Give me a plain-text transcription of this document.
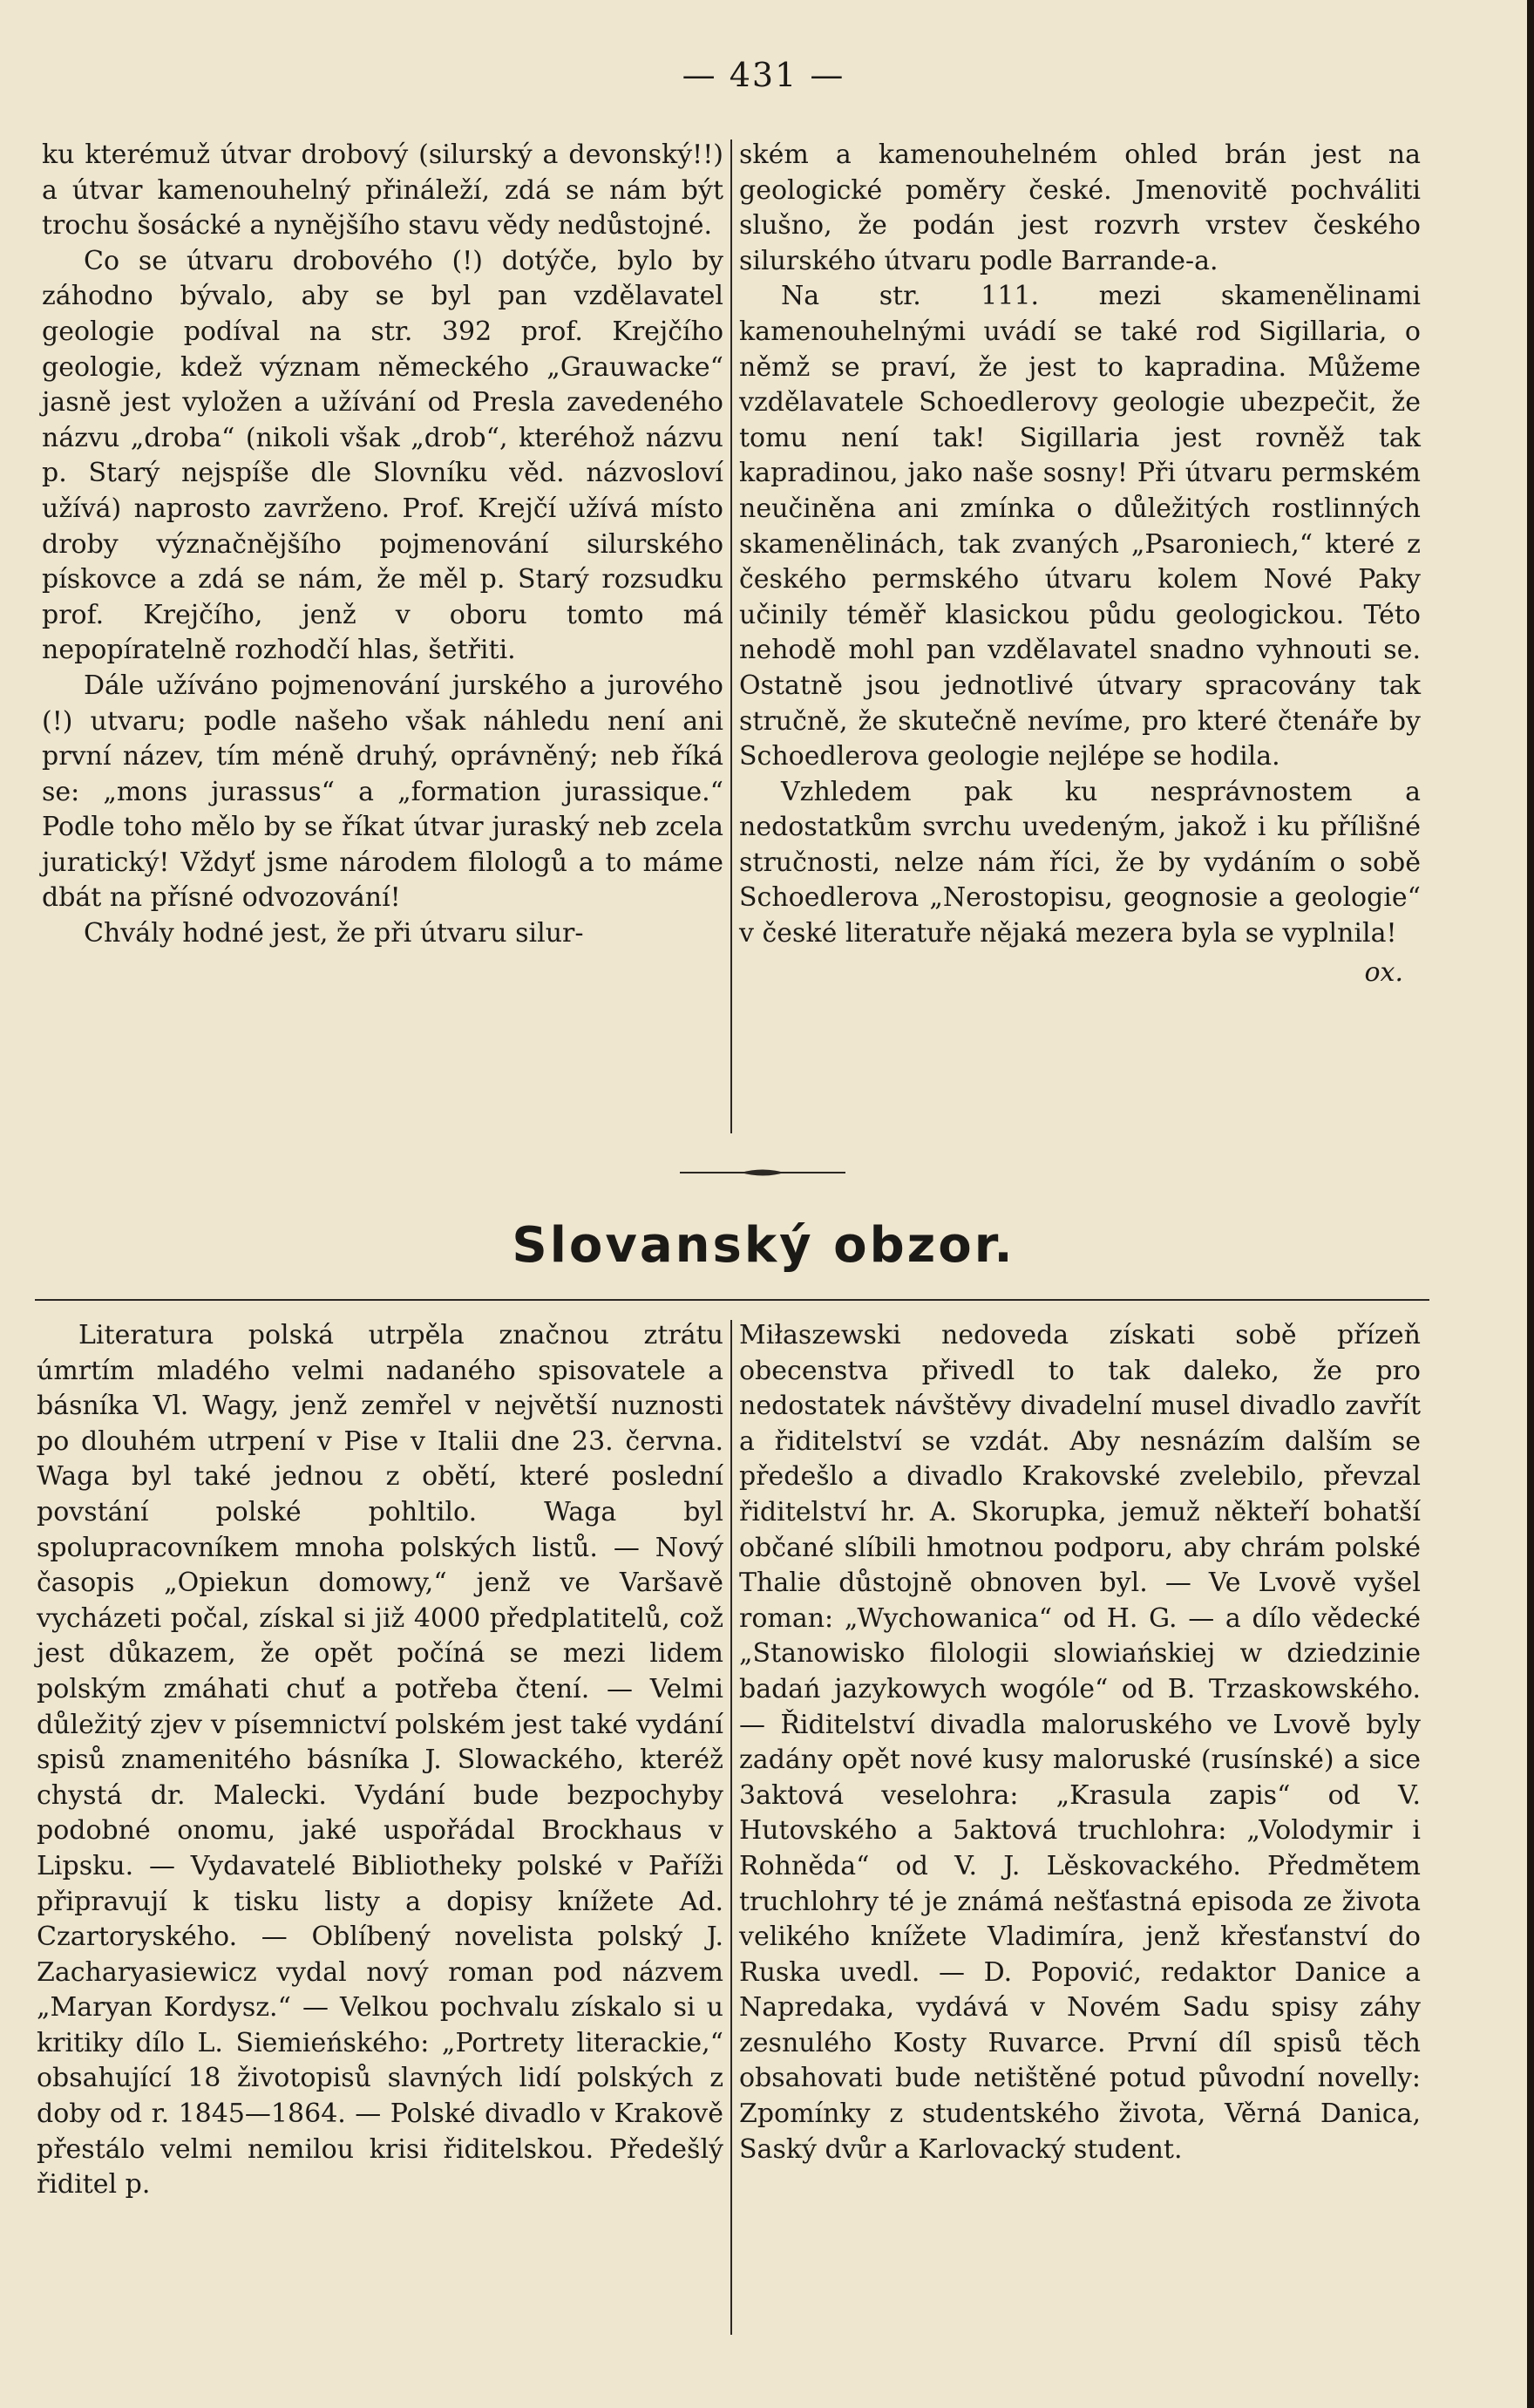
— 431 —

ku kterémuž útvar drobový (silurský a devonský!!) a útvar kamenouhelný přináleží, zdá se nám být trochu šosácké a nynějšího stavu vědy nedůstojné.

Co se útvaru drobového (!) dotýče, bylo by záhodno bývalo, aby se byl pan vzdělavatel geologie podíval na str. 392 prof. Krejčího geologie, kdež význam německého „Grauwacke“ jasně jest vyložen a užívání od Presla zavedeného názvu „droba“ (nikoli však „drob“, kteréhož názvu p. Starý nejspíše dle Slovníku věd. názvosloví užívá) naprosto zavrženo. Prof. Krejčí užívá místo droby význačnějšího pojmenování silurského pískovce a zdá se nám, že měl p. Starý rozsudku prof. Krejčího, jenž v oboru tomto má nepopíratelně rozhodčí hlas, šetřiti.

Dále užíváno pojmenování jurského a jurového (!) utvaru; podle našeho však náhledu není ani první název, tím méně druhý, oprávněný; neb říká se: „mons jurassus“ a „formation jurassique.“ Podle toho mělo by se říkat útvar juraský neb zcela juratický! Vždyť jsme národem filologů a to máme dbát na přísné odvozování!

Chvály hodné jest, že při útvaru silur-

ském a kamenouhelném ohled brán jest na geologické poměry české. Jmenovitě pochváliti slušno, že podán jest rozvrh vrstev českého silurského útvaru podle Barrande-a.

Na str. 111. mezi skamenělinami kamenouhelnými uvádí se také rod Sigillaria, o němž se praví, že jest to kapradina. Můžeme vzdělavatele Schoedlerovy geologie ubezpečit, že tomu není tak! Sigillaria jest rovněž tak kapradinou, jako naše sosny! Při útvaru permském neučiněna ani zmínka o důležitých rostlinných skamenělinách, tak zvaných „Psaroniech,“ které z českého permského útvaru kolem Nové Paky učinily téměř klasickou půdu geologickou. Této nehodě mohl pan vzdělavatel snadno vyhnouti se. Ostatně jsou jednotlivé útvary spracovány tak stručně, že skutečně nevíme, pro které čtenáře by Schoedlerova geologie nejlépe se hodila.

Vzhledem pak ku nesprávnostem a nedostatkům svrchu uvedeným, jakož i ku přílišné stručnosti, nelze nám říci, že by vydáním o sobě Schoedlerova „Nerostopisu, geognosie a geologie“ v české literatuře nějaká mezera byla se vyplnila!

ox.

Slovanský obzor.

Literatura polská utrpěla značnou ztrátu úmrtím mladého velmi nadaného spisovatele a básníka Vl. Wagy, jenž zemřel v největší nuznosti po dlouhém utrpení v Pise v Italii dne 23. června. Waga byl také jednou z obětí, které poslední povstání polské pohltilo. Waga byl spolupracovníkem mnoha polských listů. — Nový časopis „Opiekun domowy,“ jenž ve Varšavě vycházeti počal, získal si již 4000 předplatitelů, což jest důkazem, že opět počíná se mezi lidem polským zmáhati chuť a potřeba čtení. — Velmi důležitý zjev v písemnictví polském jest také vydání spisů znamenitého básníka J. Slowackého, kteréž chystá dr. Malecki. Vydání bude bezpochyby podobné onomu, jaké uspořádal Brockhaus v Lipsku. — Vydavatelé Bibliotheky polské v Paříži připravují k tisku listy a dopisy knížete Ad. Czartoryského. — Oblíbený novelista polský J. Zacharyasiewicz vydal nový roman pod názvem „Maryan Kordysz.“ — Velkou pochvalu získalo si u kritiky dílo L. Siemieńského: „Portrety literackie,“ obsahující 18 životopisů slavných lidí polských z doby od r. 1845—1864. — Polské divadlo v Krakově přestálo velmi nemilou krisi řiditelskou. Předešlý řiditel p.

Miłaszewski nedoveda získati sobě přízeň obecenstva přivedl to tak daleko, že pro nedostatek návštěvy divadelní musel divadlo zavřít a řiditelství se vzdát. Aby nesnázím dalším se předešlo a divadlo Krakovské zvelebilo, převzal řiditelství hr. A. Skorupka, jemuž někteří bohatší občané slíbili hmotnou podporu, aby chrám polské Thalie důstojně obnoven byl. — Ve Lvově vyšel roman: „Wychowanica“ od H. G. — a dílo vědecké „Stanowisko filologii slowiańskiej w dziedzinie badań jazykowych wogóle“ od B. Trzaskowského. — Řiditelství divadla maloruského ve Lvově byly zadány opět nové kusy maloruské (rusínské) a sice 3aktová veselohra: „Krasula zapis“ od V. Hutovského a 5aktová truchlohra: „Volodymir i Rohněda“ od V. J. Lěskovackého. Předmětem truchlohry té je známá nešťastná episoda ze života velikého knížete Vladimíra, jenž křesťanství do Ruska uvedl. — D. Popović, redaktor Danice a Napredaka, vydává v Novém Sadu spisy záhy zesnulého Kosty Ruvarce. První díl spisů těch obsahovati bude netištěné potud původní novelly: Zpomínky z studentského života, Věrná Danica, Saský dvůr a Karlovacký student.
